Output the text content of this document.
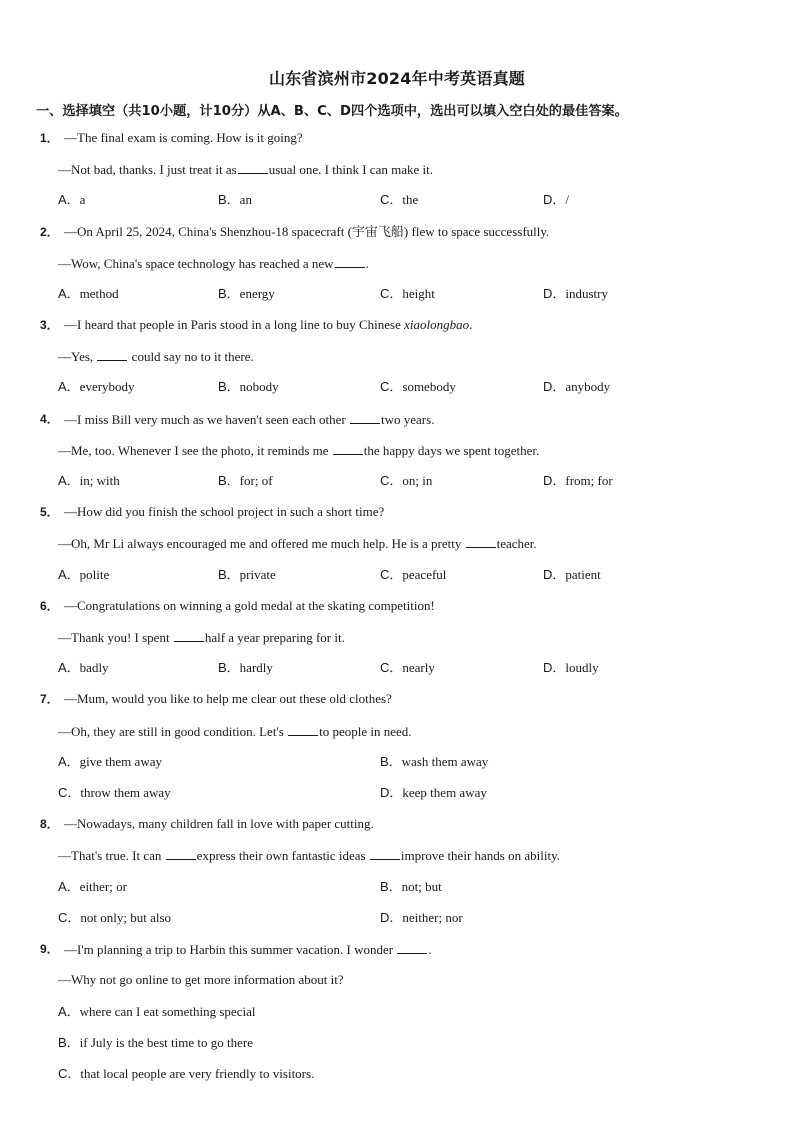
山东省滨州市2024年中考英语真题
一、选择填空（共10小题，计10分）从A、B、C、D四个选项中，选出可以填入空白处的最佳答案。
1． —The final exam is coming. How is it going?
—Not bad, thanks. I just treat it as usual one. I think I can make it.
A．a	B．an	C．the	D．/
2． —On April 25, 2024, China's Shenzhou-18 spacecraft (宇宙飞船) flew to space successfully.
—Wow, China's space technology has reached a new .
A．method	B．energy	C．height	D．industry
3． —I heard that people in Paris stood in a long line to buy Chinese xiaolongbao.
—Yes,	could say no to it there.
A．everybody	B．nobody	C．somebody	D．anybody
4． —I miss Bill very much as we haven't seen each other	two years.
—Me, too. Whenever I see the photo, it reminds me	the happy days we spent together.
A．in; with	B．for; of	C．on; in	D．from; for
5． —How did you finish the school project in such a short time?
—Oh, Mr Li always encouraged me and offered me much help. He is a pretty	teacher.
A．polite	B．private	C．peaceful	D．patient
6． —Congratulations on winning a gold medal at the skating competition!
—Thank you! I spent	half a year preparing for it.
A．badly	B．hardly	C．nearly	D．loudly
7． —Mum, would you like to help me clear out these old clothes?
—Oh, they are still in good condition. Let's	to people in need.
A．give them away	B．wash them away
C．throw them away	D．keep them away
8． —Nowadays, many children fall in love with paper cutting.
—That's true. It can	express their own fantastic ideas	improve their hands on ability.
A．either; or	B．not; but
C．not only; but also	D．neither; nor
9． —I'm planning a trip to Harbin this summer vacation. I wonder	.
—Why not go online to get more information about it?
A．where can I eat something special
B．if July is the best time to go there
C．that local people are very friendly to visitors.
